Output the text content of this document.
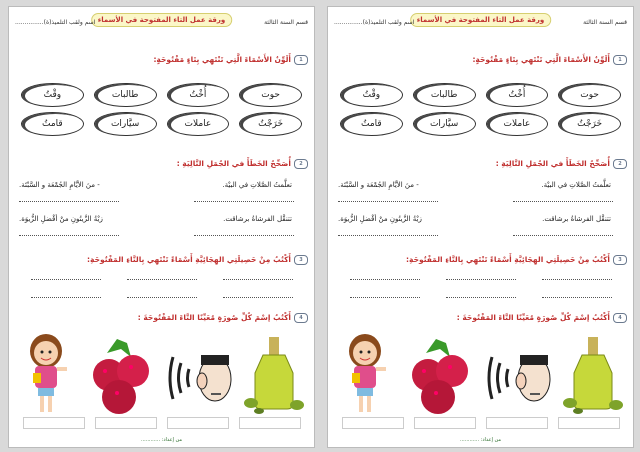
قسم السنة الثالثة
ورقة عمل التاء المفتوحة في الأسماء
اسم ولقب التلميذ(ة)...............
1أَلَوِّنُ الأَسْمَاءَ الَّتِي تَنْتَهِي بِتَاءٍ مَفْتُوحَةٍ:
حوت
أُخْتُ
طالبات
وقْتُ
خَرَجْتُ
عاملات
سيَّارات
قامتُ
2أُصَحِّحُ الخَطَأَ في الجُمَلِ التَّالِيَةِ :
- منَ الأيَّامِ الجُمْعَة و السَّبْتَة.	تعلَّمتُ الصَّلاتِ في البيْة.
زيْةُ الزَّيتُونِ منْ أفْضلِ الزُّيوَة.	تتنقَّل الفرشاةُ برشاقت.
3أَكْتُبُ مِنْ حَصِيلَتِي الهِجَائِيَّةِ أَسْمَاءً تَنْتَهِي بِالتَّاءِ المَفْتُوحَةِ:
4أَكْتُبُ إسْمَ كُلِّ صُورَةٍ مُعَيِّنًا التَّاءَ المَفْتُوحَةَ :
من إعداد: ............
قسم السنة الثالثة
ورقة عمل التاء المفتوحة في الأسماء
اسم ولقب التلميذ(ة)...............
1أَلَوِّنُ الأَسْمَاءَ الَّتِي تَنْتَهِي بِتَاءٍ مَفْتُوحَةٍ:
حوت
أُخْتُ
طالبات
وقْتُ
خَرَجْتُ
عاملات
سيَّارات
قامتُ
2أُصَحِّحُ الخَطَأَ في الجُمَلِ التَّالِيَةِ :
- منَ الأيَّامِ الجُمْعَة و السَّبْتَة.	تعلَّمتُ الصَّلاتِ في البيْة.
زيْةُ الزَّيتُونِ منْ أفْضلِ الزُّيوَة.	تتنقَّل الفرشاةُ برشاقت.
3أَكْتُبُ مِنْ حَصِيلَتِي الهِجَائِيَّةِ أَسْمَاءً تَنْتَهِي بِالتَّاءِ المَفْتُوحَةِ:
4أَكْتُبُ إسْمَ كُلِّ صُورَةٍ مُعَيِّنًا التَّاءَ المَفْتُوحَةَ :
من إعداد: ............
